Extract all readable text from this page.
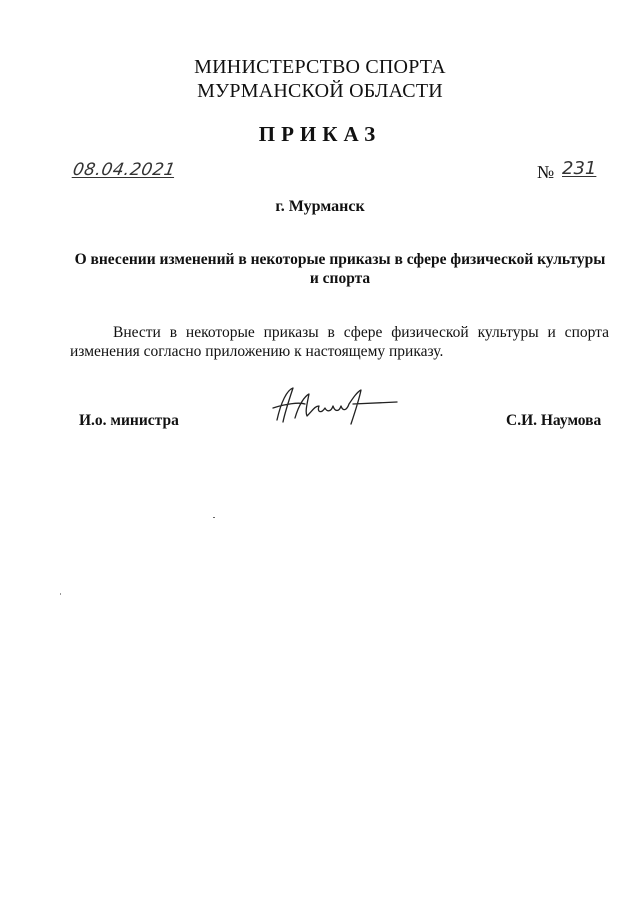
МИНИСТЕРСТВО СПОРТА
МУРМАНСКОЙ ОБЛАСТИ
ПРИКАЗ
08.04.2021	№ 231
г. Мурманск
О внесении изменений в некоторые приказы в сфере физической культуры и спорта
Внести в некоторые приказы в сфере физической культуры и спорта изменения согласно приложению к настоящему приказу.
И.о. министра	С.И. Наумова
